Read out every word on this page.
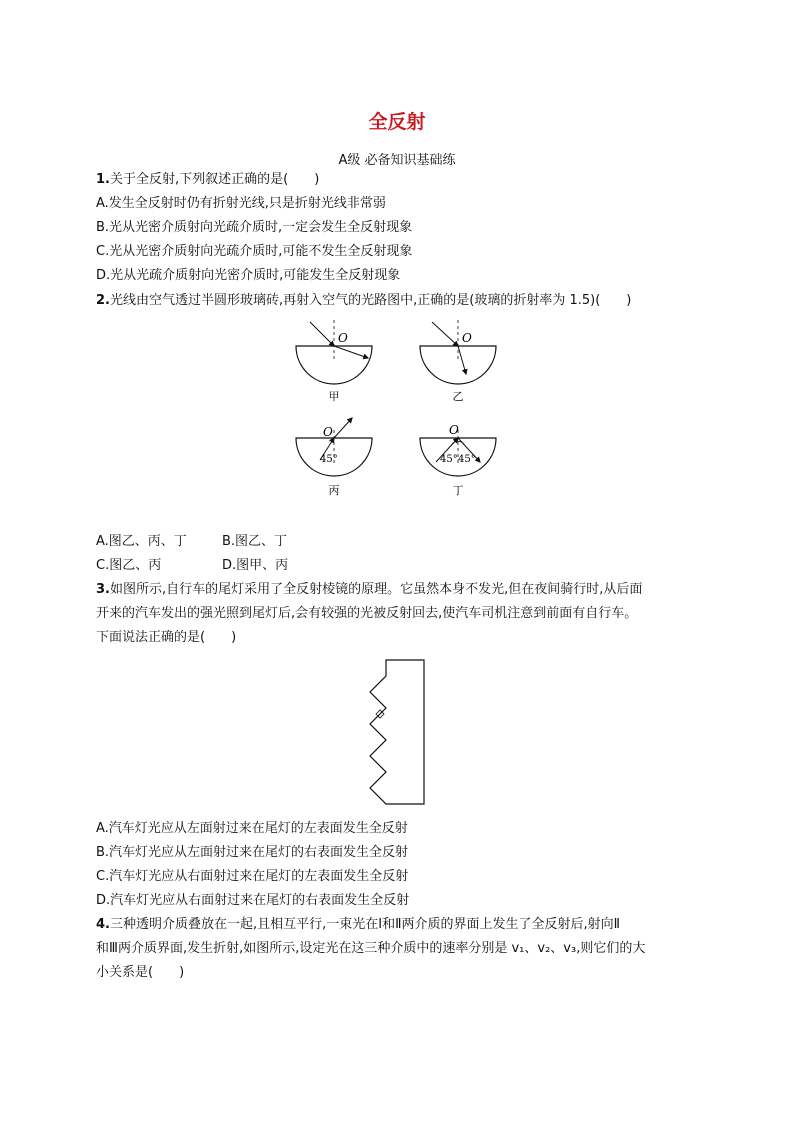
全反射
A级 必备知识基础练
1.关于全反射,下列叙述正确的是(　　)
A.发生全反射时仍有折射光线,只是折射光线非常弱
B.光从光密介质射向光疏介质时,一定会发生全反射现象
C.光从光密介质射向光疏介质时,可能不发生全反射现象
D.光从光疏介质射向光密介质时,可能发生全反射现象
2.光线由空气透过半圆形玻璃砖,再射入空气的光路图中,正确的是(玻璃的折射率为 1.5)(　　)
O
甲
O
乙
O
45°
丙
O
45° 45°
丁
A.图乙、丙、丁	B.图乙、丁
C.图乙、丙	D.图甲、丙
3.如图所示,自行车的尾灯采用了全反射棱镜的原理。它虽然本身不发光,但在夜间骑行时,从后面
开来的汽车发出的强光照到尾灯后,会有较强的光被反射回去,使汽车司机注意到前面有自行车。
下面说法正确的是(　　)
A.汽车灯光应从左面射过来在尾灯的左表面发生全反射
B.汽车灯光应从左面射过来在尾灯的右表面发生全反射
C.汽车灯光应从右面射过来在尾灯的左表面发生全反射
D.汽车灯光应从右面射过来在尾灯的右表面发生全反射
4.三种透明介质叠放在一起,且相互平行,一束光在Ⅰ和Ⅱ两介质的界面上发生了全反射后,射向Ⅱ
和Ⅲ两介质界面,发生折射,如图所示,设定光在这三种介质中的速率分别是 v₁、v₂、v₃,则它们的大
小关系是(　　)
